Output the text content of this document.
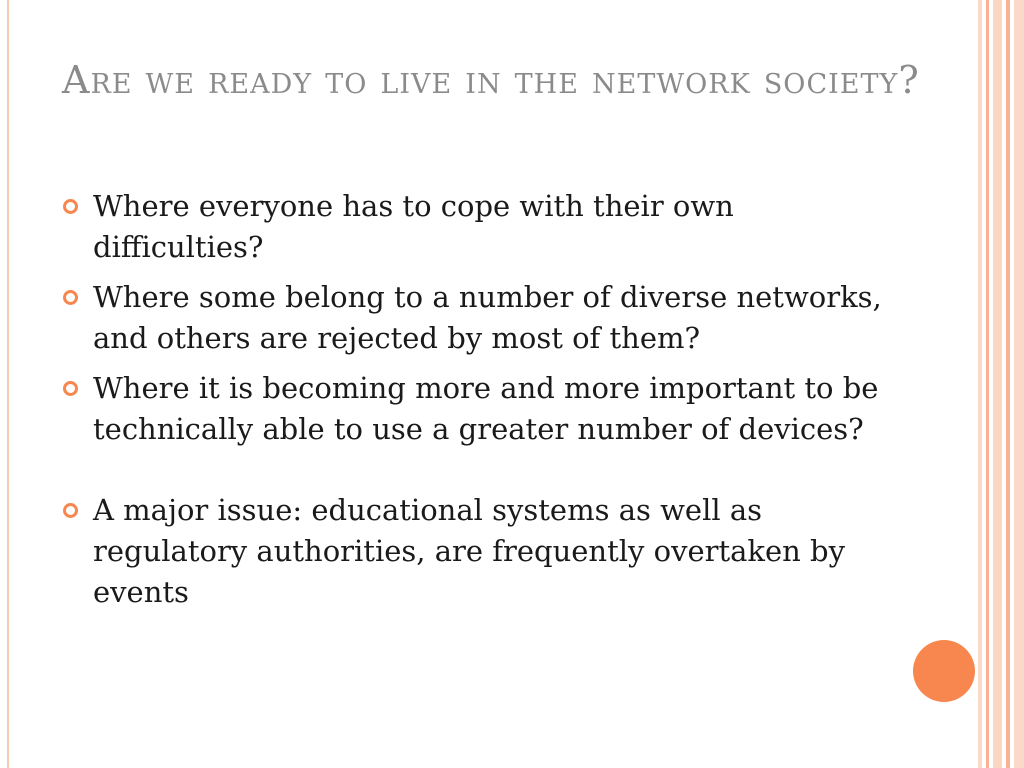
Are we ready to live in the network society?
Where everyone has to cope with their own difficulties?
Where some belong to a number of diverse networks, and others are rejected by most of them?
Where it is becoming more and more important to be technically able to use a greater number of devices?
A major issue: educational systems as well as regulatory authorities, are frequently overtaken by events
